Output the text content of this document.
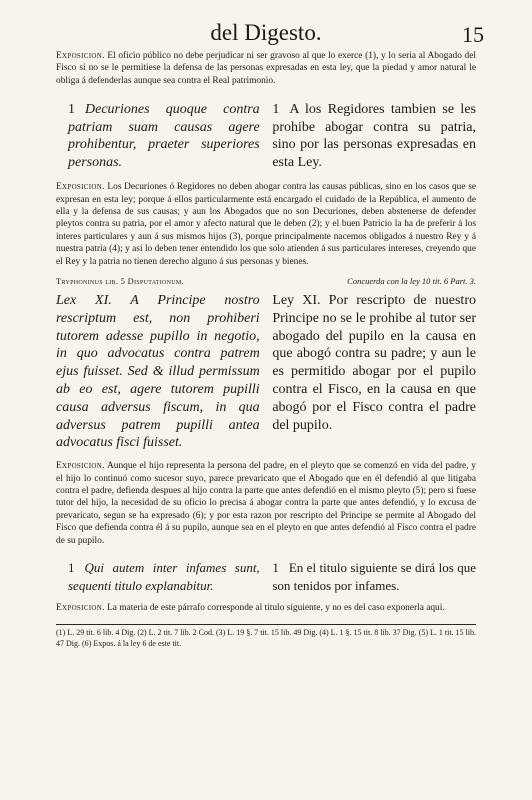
del Digesto.	15

Exposicion. El oficio público no debe perjudicar ni ser gravoso al que lo exerce (1), y lo seria al Abogado del Fisco si no se le permitiese la defensa de las personas expresadas en esta ley, que la piedad y amor natural le obliga á defenderlas aunque sea contra el Real patrimonio.

1 Decuriones quoque contra patriam suam causas agere prohibentur, praeter superiores personas.
1 A los Regidores tambien se les prohibe abogar contra su patria, sino por las personas expresadas en esta Ley.

Exposicion. Los Decuriones ó Regidores no deben abogar contra las causas públicas, sino en los casos que se expresan en esta ley; porque á ellos particularmente está encargado el cuidado de la República, el aumento de ella y la defensa de sus causas; y aun los Abogados que no son Decuriones, deben abstenerse de defender pleytos contra su patria, por el amor y afecto natural que le deben (2); y el buen Patricio la ha de preferir á los interes particulares y aun á sus mismos hijos (3), porque principalmente nacemos obligados á nuestro Rey y á nuestra patria (4); y así lo deben tener entendido los que solo atienden á sus particulares intereses, creyendo que el Rey y la patria no tienen derecho alguno á sus personas y bienes.

Tryphoninus lib. 5 Disputationum.	Concuerda con la ley 10 tit. 6 Part. 3.
Lex XI. A Principe nostro rescriptum est, non prohiberi tutorem adesse pupillo in negotio, in quo advocatus contra patrem ejus fuisset. Sed & illud permissum ab eo est, agere tutorem pupilli causa adversus fiscum, in qua adversus patrem pupilli antea advocatus fisci fuisset.
Ley XI. Por rescripto de nuestro Principe no se le prohibe al tutor ser abogado del pupilo en la causa en que abogó contra su padre; y aun le es permitido abogar por el pupilo contra el Fisco, en la causa en que abogó por el Fisco contra el padre del pupilo.

Exposicion. Aunque el hijo representa la persona del padre, en el pleyto que se comenzó en vida del padre, y el hijo lo continuó como sucesor suyo, parece prevaricato que el Abogado que en él defendió al que litigaba contra el padre, defienda despues al hijo contra la parte que antes defendió en el mismo pleyto (5); pero si fuese tutor del hijo, la necesidad de su oficio lo precisa á abogar contra la parte que antes defendió, y lo excusa de prevaricato, segun se ha expresado (6); y por esta razon por rescripto del Principe se permite al Abogado del Fisco que defienda contra él á su pupilo, aunque sea en el pleyto en que antes defendió al Fisco contra el padre de su pupilo.

1 Qui autem inter infames sunt, sequenti titulo explanabitur.
1 En el titulo siguiente se dirá los que son tenidos por infames.

Exposicion. La materia de este párrafo corresponde al titulo siguiente, y no es del caso exponerla aqui.

(1) L. 29 tit. 6 lib. 4 Dig. (2) L. 2 tit. 7 lib. 2 Cod. (3) L. 19 §. 7 tit. 15 lib. 49 Dig. (4) L. 1 §. 15 tit. 8 lib. 37 Dig. (5) L. 1 tit. 15 lib. 47 Dig. (6) Expos. á la ley 6 de este tit.
